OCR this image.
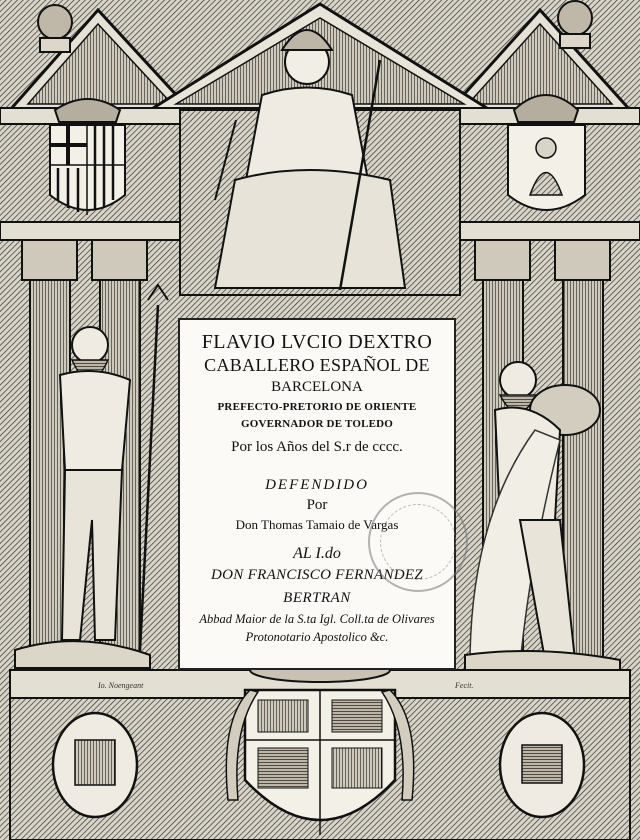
FLAVIO LVCIO DEXTRO
CABALLERO ESPAÑOL DE
BARCELONA
PREFECTO-PRETORIO DE ORIENTE
GOVERNADOR DE TOLEDO
Por los Años del S.r de cccc.
DEFENDIDO
Por
Don Thomas Tamaio de Vargas
AL I.do
DON FRANCISCO FERNANDEZ
BERTRAN
Abbad Maior de la S.ta Igl. Coll.ta de Olivares
Protonotario Apostolico &c.
Io. Noengeant	Fecit.
